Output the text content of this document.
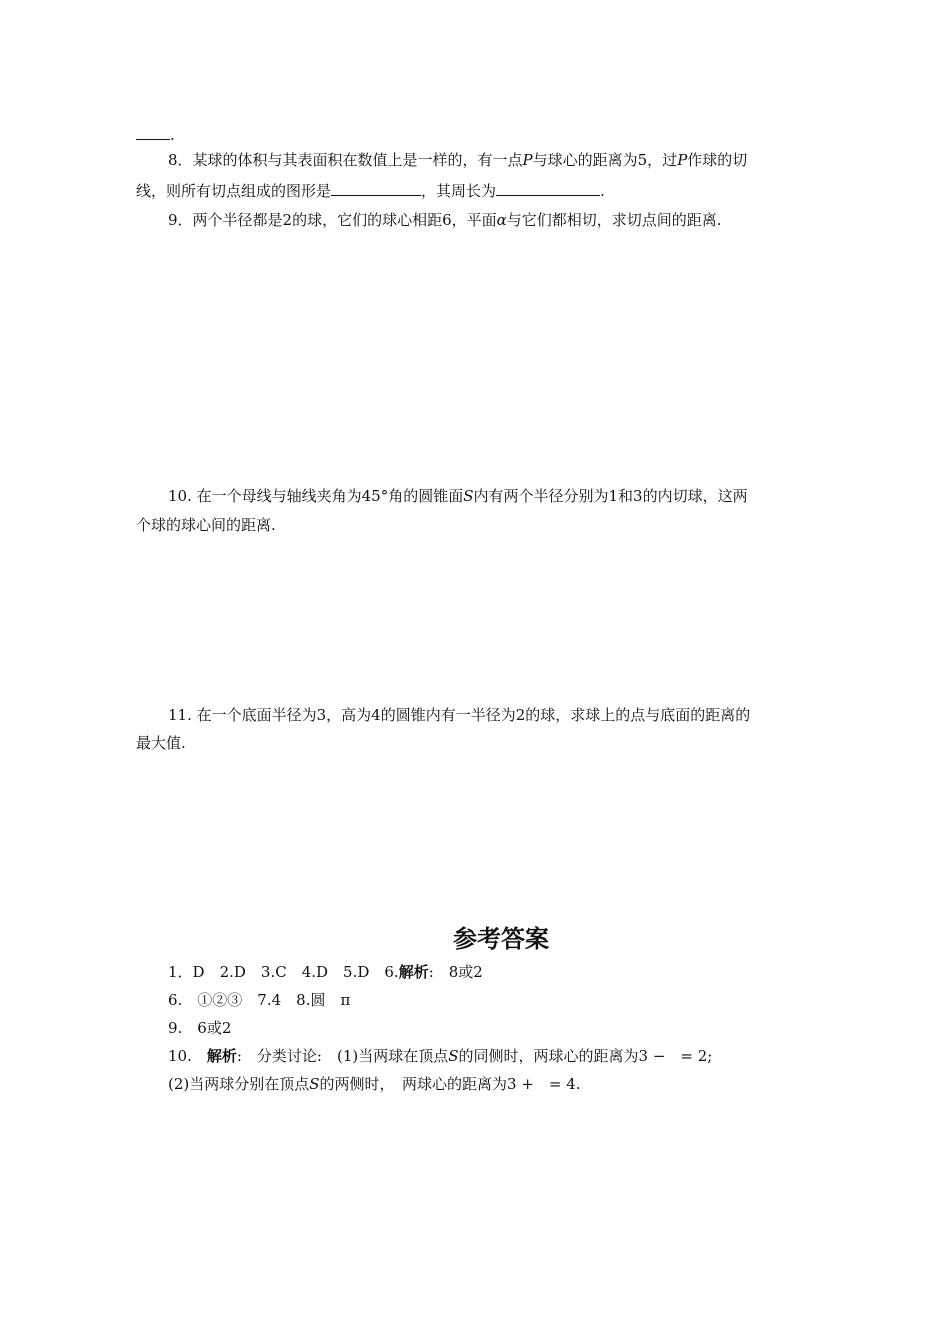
.
8．某球的体积与其表面积在数值上是一样的，有一点P与球心的距离为5，过P作球的切
线，则所有切点组成的图形是	，其周长为	.
9．两个半径都是2的球，它们的球心相距6，平面α与它们都相切，求切点间的距离.
10. 在一个母线与轴线夹角为45°角的圆锥面S内有两个半径分别为1和3的内切球，这两
个球的球心间的距离.
11. 在一个底面半径为3，高为4的圆锥内有一半径为2的球，求球上的点与底面的距离的
最大值.
参考答案
1．D　2.D　3.C　4.D　5.D　6.解析:　8或2
6.　①②③　7.4　8.圆　π
9.　6或2
10.　解析:　分类讨论:　(1)当两球在顶点S的同侧时，两球心的距离为3 −　= 2;
(2)当两球分别在顶点S的两侧时，　两球心的距离为3 +　= 4.
